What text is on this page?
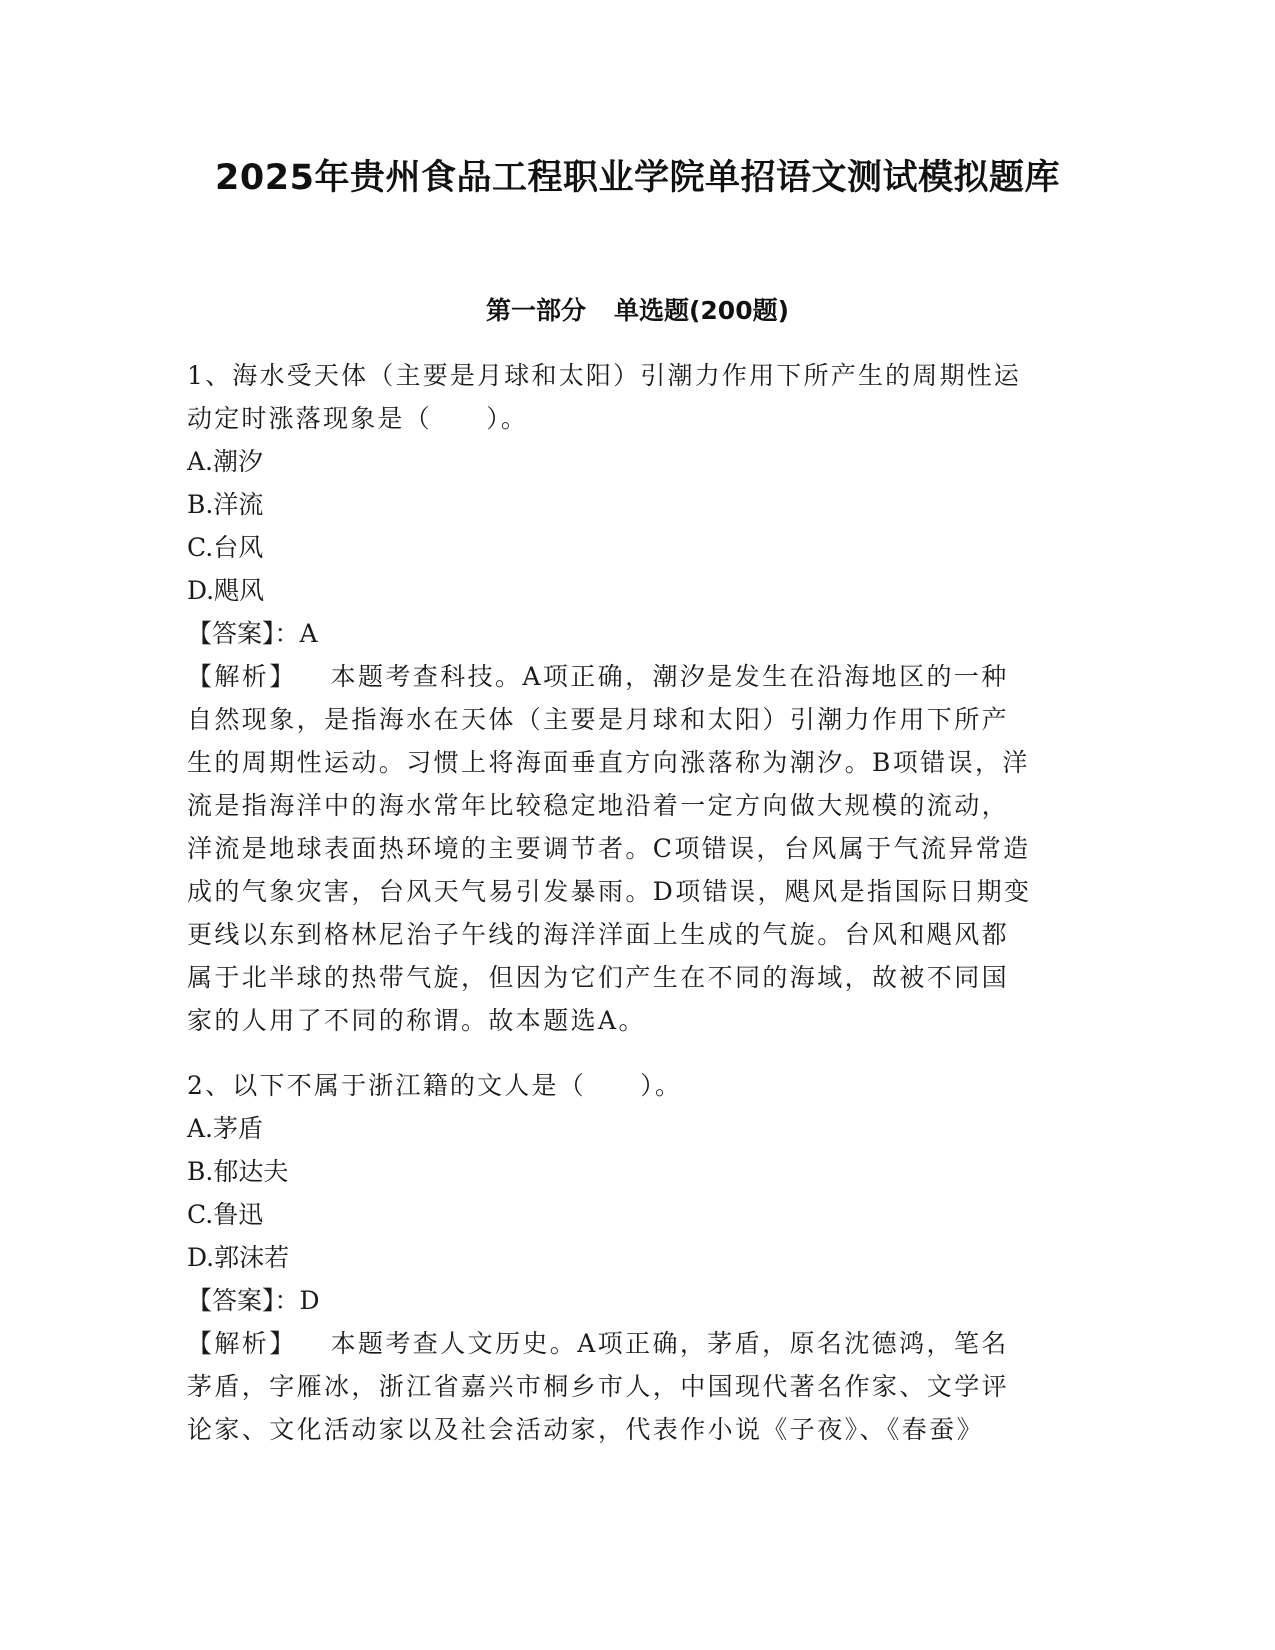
2025年贵州食品工程职业学院单招语文测试模拟题库
第一部分 单选题(200题)
1、海水受天体（主要是月球和太阳）引潮力作用下所产生的周期性运
动定时涨落现象是（　　）。
A.潮汐
B.洋流
C.台风
D.飓风
【答案】：A
【解析】 本题考查科技。A项正确，潮汐是发生在沿海地区的一种
自然现象，是指海水在天体（主要是月球和太阳）引潮力作用下所产
生的周期性运动。习惯上将海面垂直方向涨落称为潮汐。B项错误，洋
流是指海洋中的海水常年比较稳定地沿着一定方向做大规模的流动，
洋流是地球表面热环境的主要调节者。C项错误，台风属于气流异常造
成的气象灾害，台风天气易引发暴雨。D项错误，飓风是指国际日期变
更线以东到格林尼治子午线的海洋洋面上生成的气旋。台风和飓风都
属于北半球的热带气旋，但因为它们产生在不同的海域，故被不同国
家的人用了不同的称谓。故本题选A。
2、以下不属于浙江籍的文人是（　　）。
A.茅盾
B.郁达夫
C.鲁迅
D.郭沫若
【答案】：D
【解析】 本题考查人文历史。A项正确，茅盾，原名沈德鸿，笔名
茅盾，字雁冰，浙江省嘉兴市桐乡市人，中国现代著名作家、文学评
论家、文化活动家以及社会活动家，代表作小说《子夜》、《春蚕》
